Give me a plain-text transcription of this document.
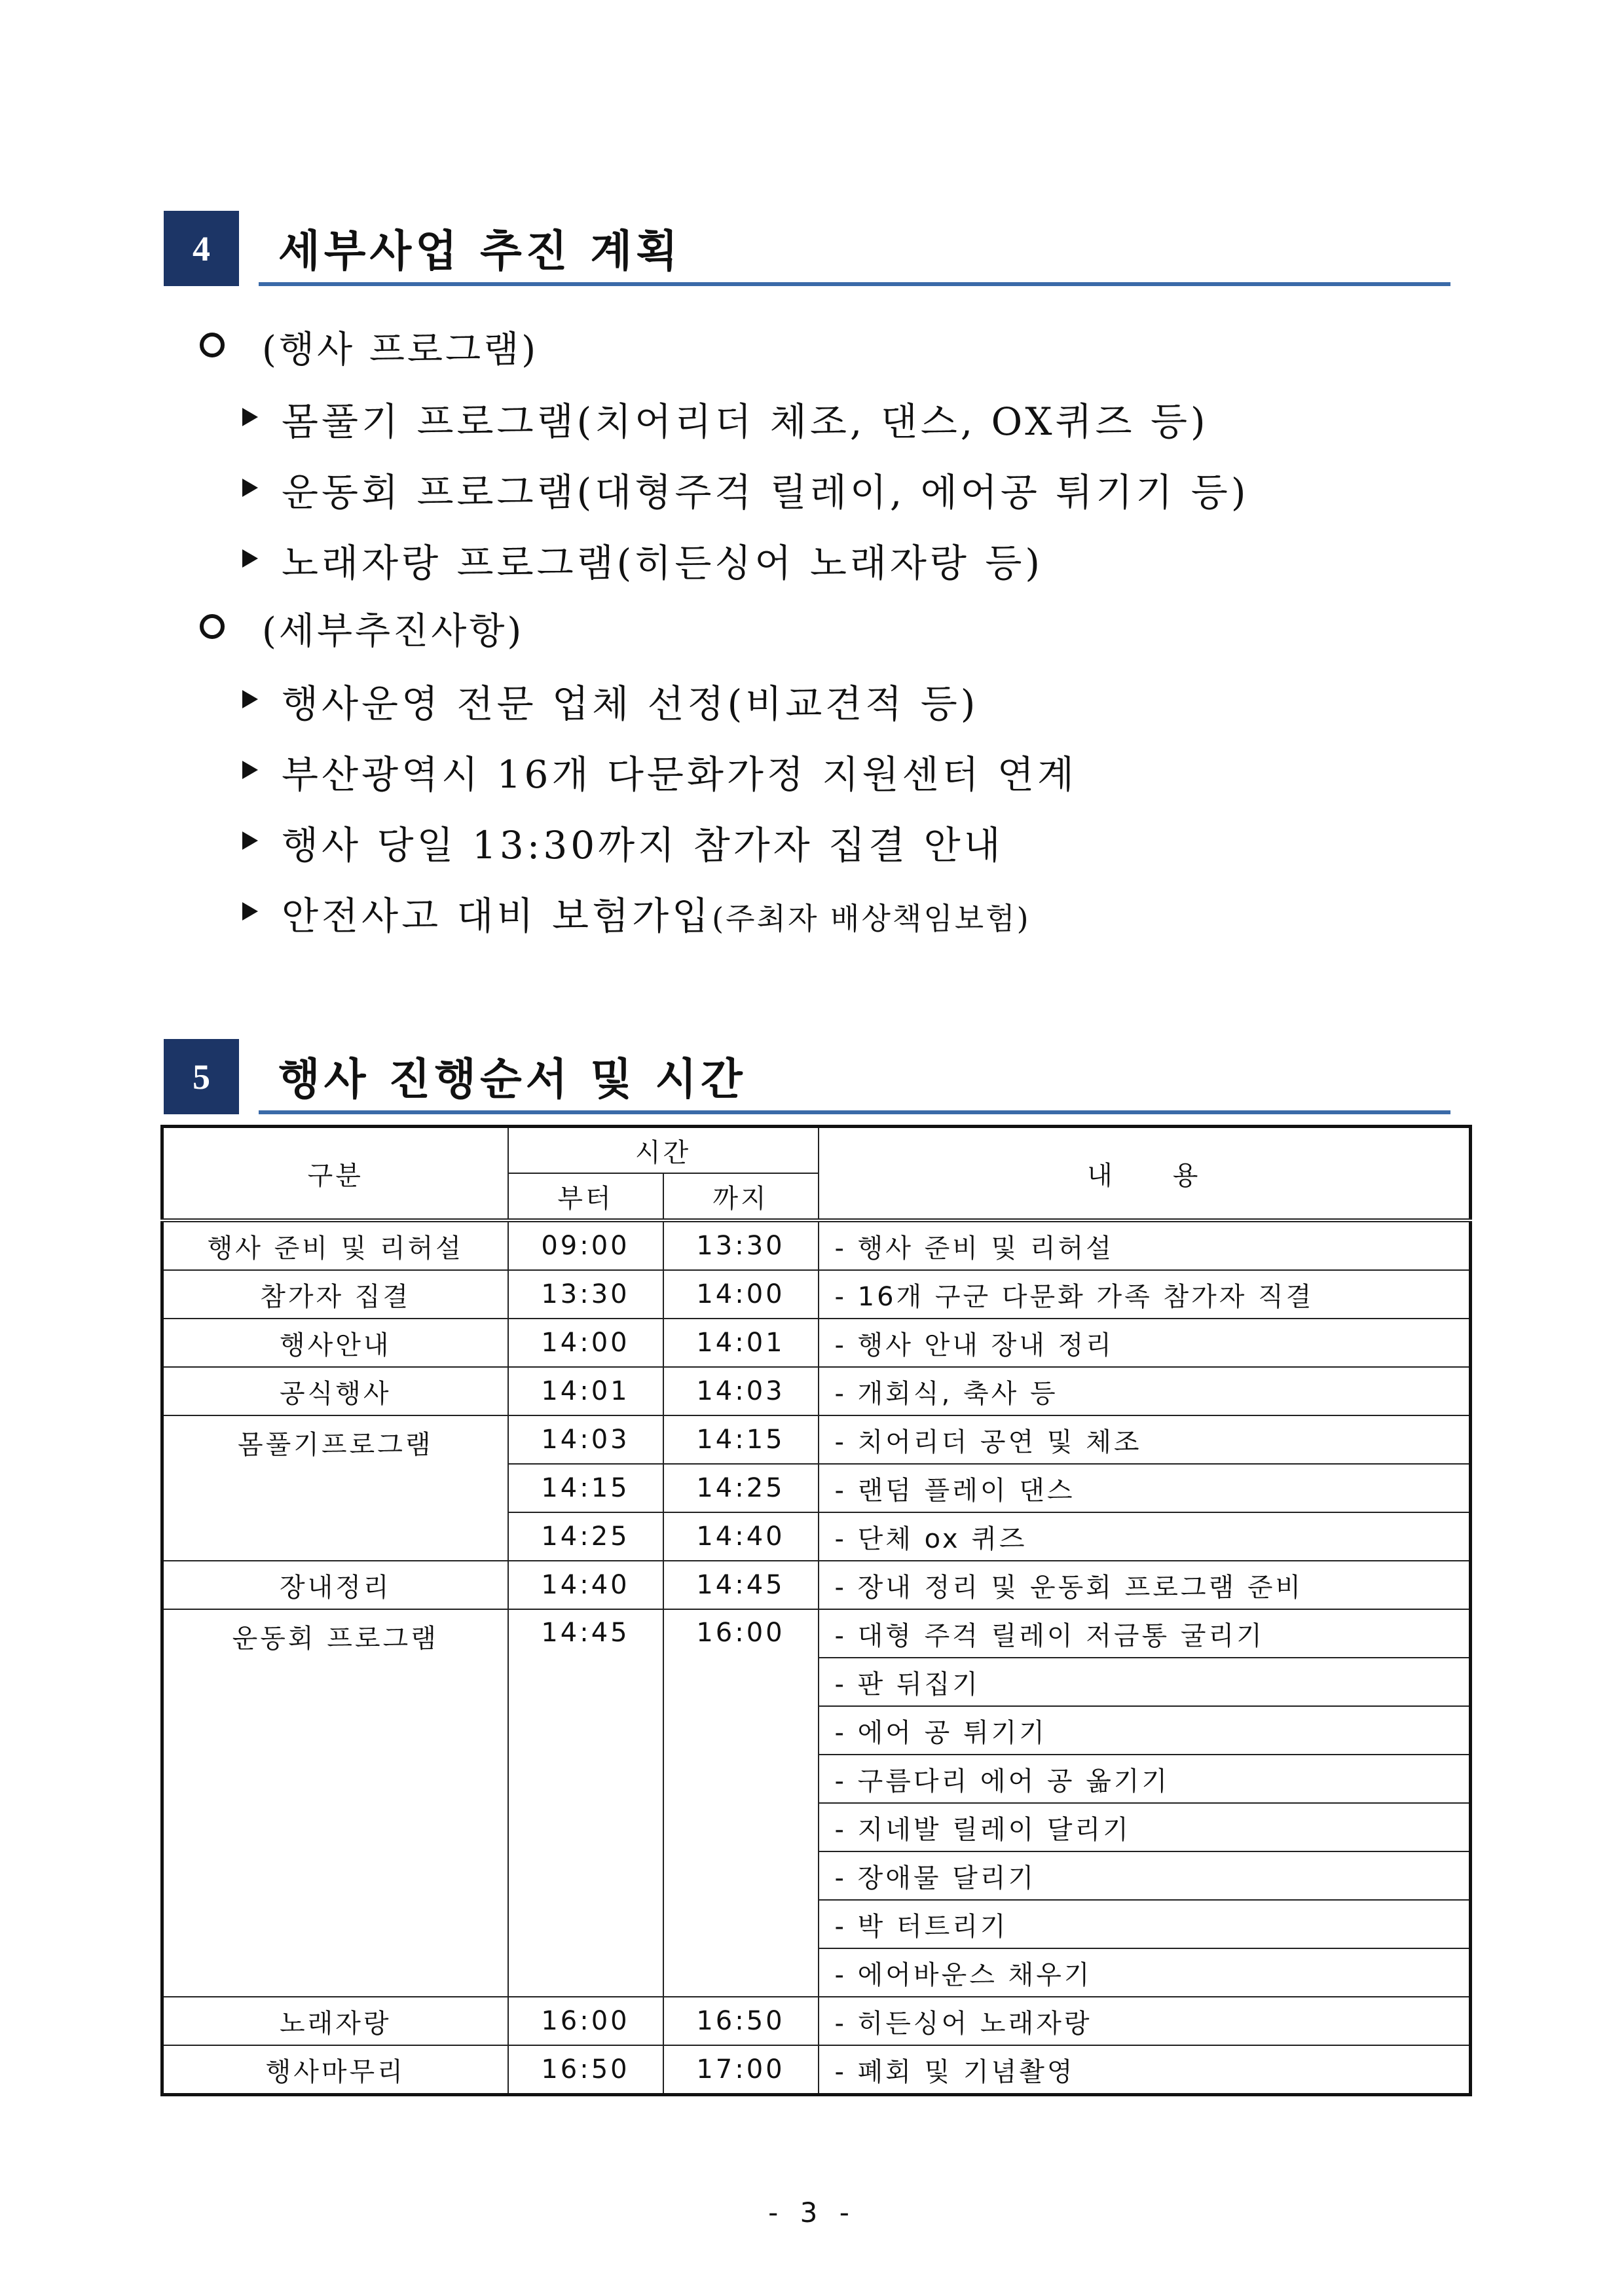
4	세부사업 추진 계획
(행사 프로그램)
몸풀기 프로그램(치어리더 체조, 댄스, OX퀴즈 등)
운동회 프로그램(대형주걱 릴레이, 에어공 튀기기 등)
노래자랑 프로그램(히든싱어 노래자랑 등)
(세부추진사항)
행사운영 전문 업체 선정(비교견적 등)
부산광역시 16개 다문화가정 지원센터 연계
행사 당일 13:30까지 참가자 집결 안내
안전사고 대비 보험가입(주최자 배상책임보험)
5	행사 진행순서 및 시간
구분	시간		내　　용
	부터	까지	
행사 준비 및 리허설	09:00	13:30	- 행사 준비 및 리허설
참가자 집결	13:30	14:00	- 16개 구군 다문화 가족 참가자 직결
행사안내	14:00	14:01	- 행사 안내 장내 정리
공식행사	14:01	14:03	- 개회식, 축사 등
몸풀기프로그램	14:03	14:15	- 치어리더 공연 및 체조
	14:15	14:25	- 랜덤 플레이 댄스
	14:25	14:40	- 단체 ox 퀴즈
장내정리	14:40	14:45	- 장내 정리 및 운동회 프로그램 준비
운동회 프로그램	14:45	16:00	- 대형 주걱 릴레이 저금통 굴리기
			- 판 뒤집기
			- 에어 공 튀기기
			- 구름다리 에어 공 옮기기
			- 지네발 릴레이 달리기
			- 장애물 달리기
			- 박 터트리기
			- 에어바운스 채우기
노래자랑	16:00	16:50	- 히든싱어 노래자랑
행사마무리	16:50	17:00	- 폐회 및 기념촬영
- 3 -
